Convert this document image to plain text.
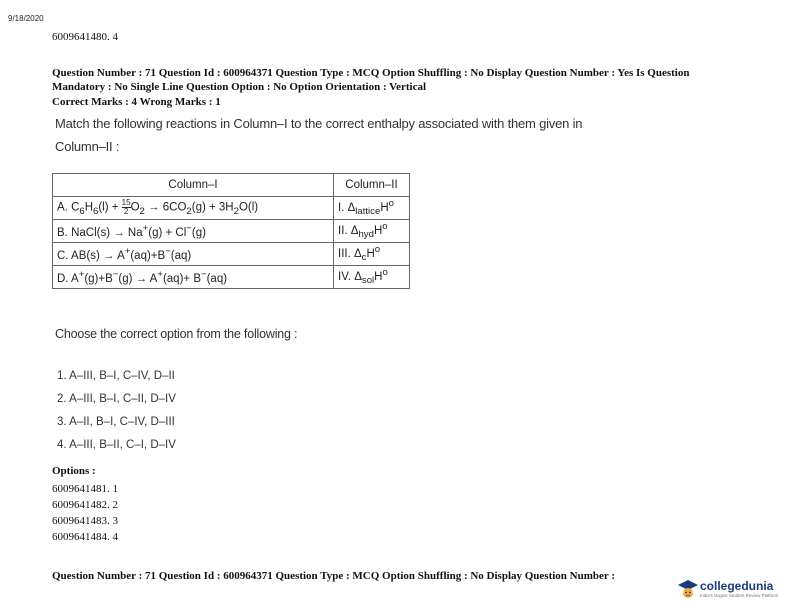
9/18/2020
6009641480. 4
Question Number : 71 Question Id : 600964371 Question Type : MCQ Option Shuffling : No Display Question Number : Yes Is Question
Mandatory : No Single Line Question Option : No Option Orientation : Vertical
Correct Marks : 4 Wrong Marks : 1
Match the following reactions in Column–I to the correct enthalpy associated with them given in
Column–II :
Column–I	Column–II
A. $C_6H_6(l) + \frac{15}{2} O_2 \to 6CO_2(g) + 3H_2O(l)$	I. $\Delta_{lattice}H^o$
B. NaCl(s) → Na+(g) + Cl−(g)	II. $\Delta_{hyd}H^o$
C. AB(s) → A+(aq)+B−(aq)	III. $\Delta_cH^o$
D. A+(g)+B−(g) → A+(aq)+ B−(aq)	IV. $\Delta_{sol}H^o$
Choose the correct option from the following :
1. A–III, B–I, C–IV, D–II
2. A–III, B–I, C–II, D–IV
3. A–II, B–I, C–IV, D–III
4. A–III, B–II, C–I, D–IV
Options :
6009641481. 1
6009641482. 2
6009641483. 3
6009641484. 4
Question Number : 71 Question Id : 600964371 Question Type : MCQ Option Shuffling : No Display Question Number :
collegedunia
India's largest Student Review Platform
